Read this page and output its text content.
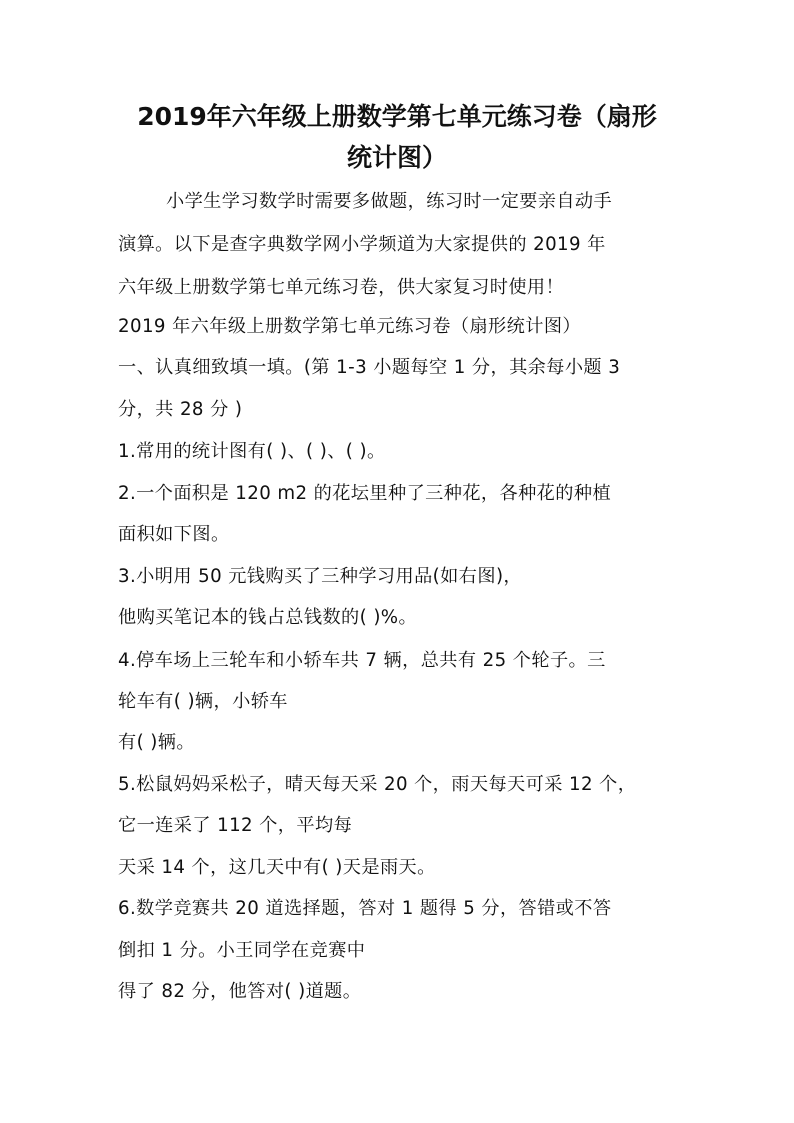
2019年六年级上册数学第七单元练习卷（扇形
统计图）

小学生学习数学时需要多做题，练习时一定要亲自动手

演算。以下是查字典数学网小学频道为大家提供的 2019 年

六年级上册数学第七单元练习卷，供大家复习时使用！

2019 年六年级上册数学第七单元练习卷（扇形统计图）

一、认真细致填一填。(第 1-3 小题每空 1 分，其余每小题 3

分，共 28 分 )

1.常用的统计图有( )、( )、( )。

2.一个面积是 120 m2 的花坛里种了三种花，各种花的种植

面积如下图。

3.小明用 50 元钱购买了三种学习用品(如右图)，

他购买笔记本的钱占总钱数的( )%。

4.停车场上三轮车和小轿车共 7 辆，总共有 25 个轮子。三

轮车有( )辆，小轿车

有( )辆。

5.松鼠妈妈采松子，晴天每天采 20 个，雨天每天可采 12 个，

它一连采了 112 个，平均每

天采 14 个，这几天中有( )天是雨天。

6.数学竞赛共 20 道选择题，答对 1 题得 5 分，答错或不答

倒扣 1 分。小王同学在竞赛中

得了 82 分，他答对( )道题。
